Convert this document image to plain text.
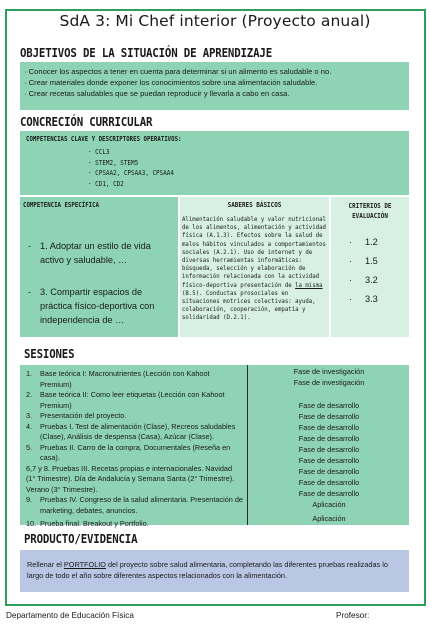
SdA 3: Mi Chef interior (Proyecto anual)
OBJETIVOS DE LA SITUACIÓN DE APRENDIZAJE
· Conocer los aspectos a tener en cuenta para determinar si un alimento es saludable o no.
· Crear materiales donde exponer los conocimientos sobre una alimentación saludable.
· Crear recetas saludables que se puedan reproducir y llevarla a cabo en casa.
CONCRECIÓN CURRICULAR
COMPETENCIAS CLAVE Y DESCRIPTORES OPERATIVOS:
· CCL3
· STEM2, STEM5
· CPSAA2, CPSAA3, CPSAA4
· CD1, CD2
COMPETENCIA ESPECÍFICA
- 1. Adoptar un estilo de vida activo y saludable, …
- 3. Compartir espacios de práctica físico-deportiva con independencia de …
SABERES BÁSICOS
Alimentación saludable y valor nutricional de los alimentos, alimentación y actividad física (A.1.3). Efectos sobre la salud de malos hábitos vinculados a comportamientos sociales (A.2.1). Uso de internet y de diversas herramientas informáticas: búsqueda, selección y elaboración de información relacionada con la actividad físico-deportiva presentación de la misma (B.5). Conductas prosociales en situaciones motrices colectivas: ayuda, colaboración, cooperación, empatía y solidaridad (D.2.1).
CRITERIOS DE
EVALUACIÓN
· 1.2
· 1.5
· 3.2
· 3.3
SESIONES
1. Base teórica I: Macronutrientes (Lección con Kahoot Premium)
2. Base teórica II: Como leer etiquetas (Lección con Kahoot Premium)
3. Presentación del proyecto.
4. Pruebas I. Test de alimentación (Clase), Recreos saludables (Clase), Análisis de despensa (Casa), Azúcar (Clase).
5. Pruebas II. Carro de la compra, Documentales (Reseña en casa).
6,7 y 8. Pruebas III. Recetas propias e internacionales. Navidad (1° Trimestre). Día de Andalucía y Semana Santa (2° Trimestre). Verano (3° Trimestre).
9. Pruebas IV. Congreso de la salud alimentaria. Presentación de marketing, debates, anuncios.
10. Prueba final. Breakout y Portfolio.
Fase de investigación
Fase de investigación
Fase de desarrollo
Fase de desarrollo
Fase de desarrollo
Fase de desarrollo
Fase de desarrollo
Fase de desarrollo
Fase de desarrollo
Fase de desarrollo
Fase de desarrollo
Aplicación
Aplicación
PRODUCTO/EVIDENCIA
Rellenar el PORTFOLIO del proyecto sobre salud alimentaria, completando las diferentes pruebas realizadas lo largo de todo el año sobre diferentes aspectos relacionados con la alimentación.
Departamento de Educación Física	Profesor:
